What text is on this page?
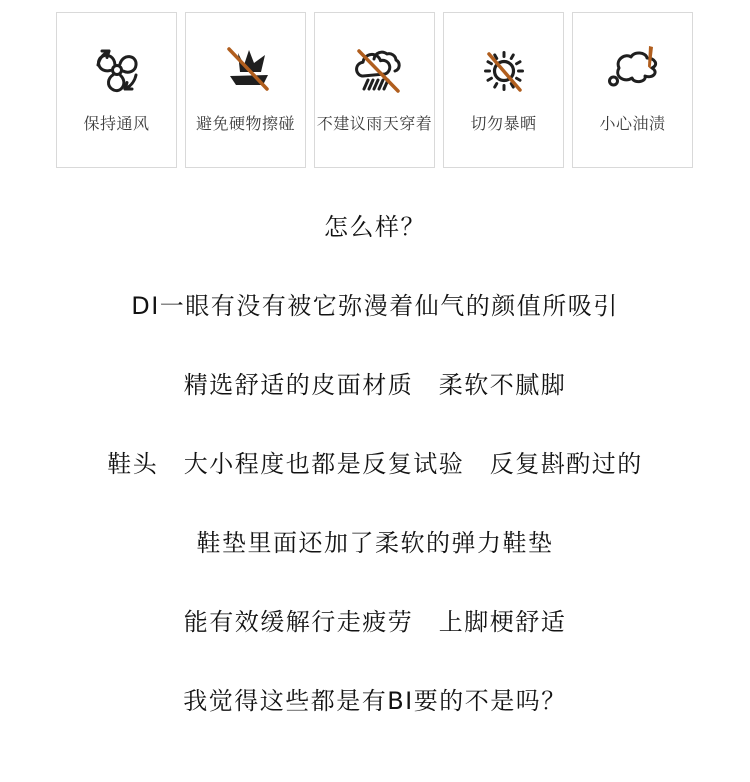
保持通风	避免硬物擦碰 不建议雨天穿着 切勿暴晒	小心油渍

怎么样？

DI一眼有没有被它弥漫着仙气的颜值所吸引

精选舒适的皮面材质　柔软不腻脚

鞋头　大小程度也都是反复试验　反复斟酌过的

鞋垫里面还加了柔软的弹力鞋垫

能有效缓解行走疲劳　上脚梗舒适

我觉得这些都是有BI要的不是吗？
